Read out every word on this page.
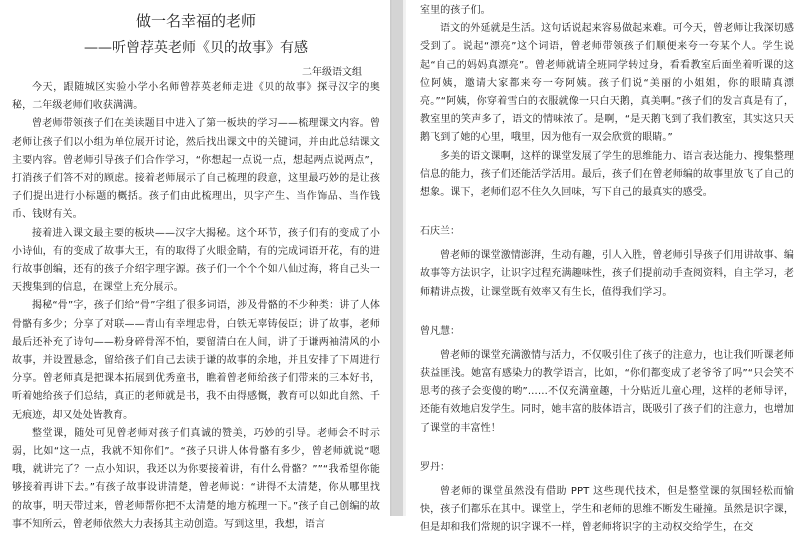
做一名幸福的老师
——听曾荐英老师《贝的故事》有感
二年级语文组

今天，跟随城区实验小学小名师曾荐英老师走进《贝的故事》探寻汉字的奥秘，二年级老师们收获满满。

曾老师带领孩子们在美读题目中进入了第一板块的学习——梳理课文内容。曾老师让孩子们以小组为单位展开讨论，然后找出课文中的关键词，并由此总结课文主要内容。曾老师引导孩子们合作学习，“你想起一点说一点，想起两点说两点”，打消孩子们答不对的顾虑。接着老师展示了自己梳理的段意，这里最巧妙的是让孩子们提出进行小标题的概括。孩子们由此梳理出，贝字产生、当作饰品、当作钱币、钱财有关。

接着进入课文最主要的板块——汉字大揭秘。这个环节，孩子们有的变成了小小诗仙，有的变成了故事大王，有的取得了火眼金睛，有的完成词语开花，有的进行故事创编，还有的孩子介绍字理字源。孩子们一个个个如八仙过海，将自己头一天搜集到的信息，在课堂上充分展示。

揭秘“骨”字，孩子们给“骨”字组了很多词语，涉及骨骼的不少种类：讲了人体骨骼有多少；分享了对联——青山有幸埋忠骨，白铁无辜铸佞臣；讲了故事，老师最后还补充了诗句——粉身碎骨浑不怕，要留清白在人间，讲了于谦两袖清风的小故事，并设置悬念，留给孩子们自己去读于谦的故事的余地，并且安排了下周进行分享。曾老师真是把课本拓展到优秀童书，瞧着曾老师给孩子们带来的三本好书，听着她给孩子们总结，真正的老师就是书，我不由得感慨，教育可以如此自然、千无痕迹，却又处处皆教育。

整堂课，随处可见曾老师对孩子们真诚的赞美，巧妙的引导。老师会不时示弱，比如“这一点，我就不知你们”。“孩子只讲人体骨骼有多少，曾老师就说“嗯哦，就讲完了？一点小知识，我还以为你要接着讲，有什么骨骼？””“我希望你能够接着再讲下去。”有孩子故事设讲清楚，曾老师说：“讲得不太清楚，你从哪里找的故事，明天带过来，曾老师帮你把不太清楚的地方梳理一下。”孩子自己创编的故事不知所云，曾老师依然大力表扬其主动创造。写到这里，我想，语言

室里的孩子们。

语文的外延就是生活。这句话说起来容易做起来难。可今天，曾老师让我深切感受到了。说起“漂亮”这个词语，曾老师带领孩子们顺便来夸一夸某个人。学生说起“自己的妈妈真漂亮”。曾老师就请全班同学转过身，看看教室后面坐着听课的这位阿姨，邀请大家都来夸一夸阿姨。孩子们说“美丽的小姐姐，你的眼睛真漂亮。”“阿姨，你穿着雪白的衣服就像一只白天鹅，真美啊。”孩子们的发言真是有了，教室里的笑声多了，语文的情味浓了。是啊，“是天鹅飞到了我们教室，其实这只天鹅飞到了她的心里，哦里，因为他有一双会欣赏的眼睛。”

多美的语文课啊，这样的课堂发展了学生的思维能力、语言表达能力、搜集整理信息的能力，孩子们还能活学活用。最后，孩子们在曾老师编的故事里放飞了自己的想象。课下，老师们忍不住久久回味，写下自己的最真实的感受。

石庆兰：

曾老师的课堂激情澎湃，生动有趣，引人入胜，曾老师引导孩子们用讲故事、编故事等方法识字，让识字过程充满趣味性，孩子们提前动手查阅资料，自主学习，老师精讲点拨，让课堂既有效率又有生长，值得我们学习。

曾凡慧：

曾老师的课堂充满激情与活力，不仅吸引住了孩子的注意力，也让我们听课老师获益匪浅。她富有感染力的教学语言，比如，“你们都变成了老爷爷了吗”“只会笑不思考的孩子会变傻的哟”……不仅充满童趣，十分贴近儿童心理，这样的老师导评，还能有效地启发学生。同时，她丰富的肢体语言，既吸引了孩子们的注意力，也增加了课堂的丰富性！

罗丹：

曾老师的课堂虽然没有借助 PPT 这些现代技术，但是整堂课的氛围轻松而愉快，孩子们都乐在其中。课堂上，学生和老师的思维不断发生碰撞。虽然是识字课，但是却和我们常规的识字课不一样，曾老师将识字的主动权交给学生，在交
